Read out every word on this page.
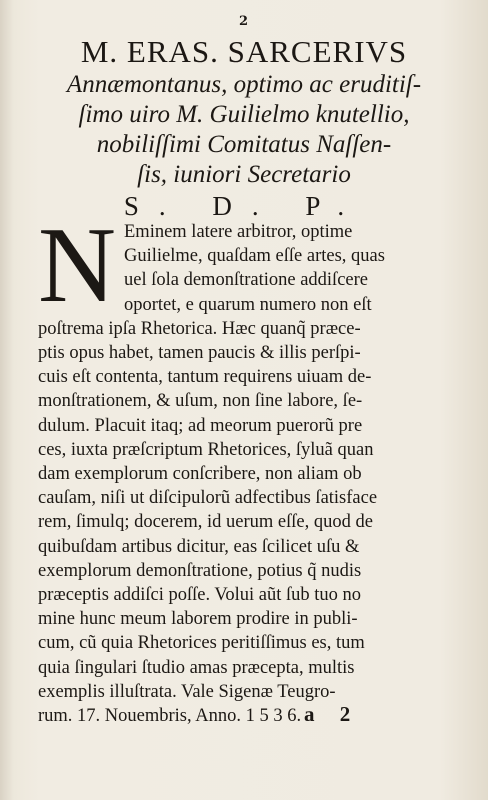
2
M. ERAS. SARCERIVS
Annæmontanus, optimo ac eruditiſ-
ſimo uiro M. Guilielmo knutellio,
nobiliſſimi Comitatus Naſſen-
ſis, iuniori Secretario
S. D. P.
N Eminem latere arbitror, optime
Guilielme, quaſdam eſſe artes, quas
uel ſola demonſtratione addiſcere
oportet, e quarum numero non eſt
poſtrema ipſa Rhetorica. Hæc quanq̃ præce-
ptis opus habet, tamen paucis & illis perſpi-
cuis eſt contenta, tantum requirens uiuam de-
monſtrationem, & uſum, non ſine labore, ſe-
dulum. Placuit itaq; ad meorum puerorũ pre
ces, iuxta præſcriptum Rhetorices, ſyluã quan
dam exemplorum conſcribere, non aliam ob
cauſam, niſi ut diſcipulorũ adfectibus ſatisface
rem, ſimulq; docerem, id uerum eſſe, quod de
quibuſdam artibus dicitur, eas ſcilicet uſu &
exemplorum demonſtratione, potius q̃ nudis
præceptis addiſci poſſe. Volui aũt ſub tuo no
mine hunc meum laborem prodire in publi-
cum, cũ quia Rhetorices peritiſſimus es, tum
quia ſingulari ſtudio amas præcepta, multis
exemplis illuſtrata. Vale Sigenæ Teugro-
rum. 17. Nouembris, Anno. 1 5 3 6. a 2
